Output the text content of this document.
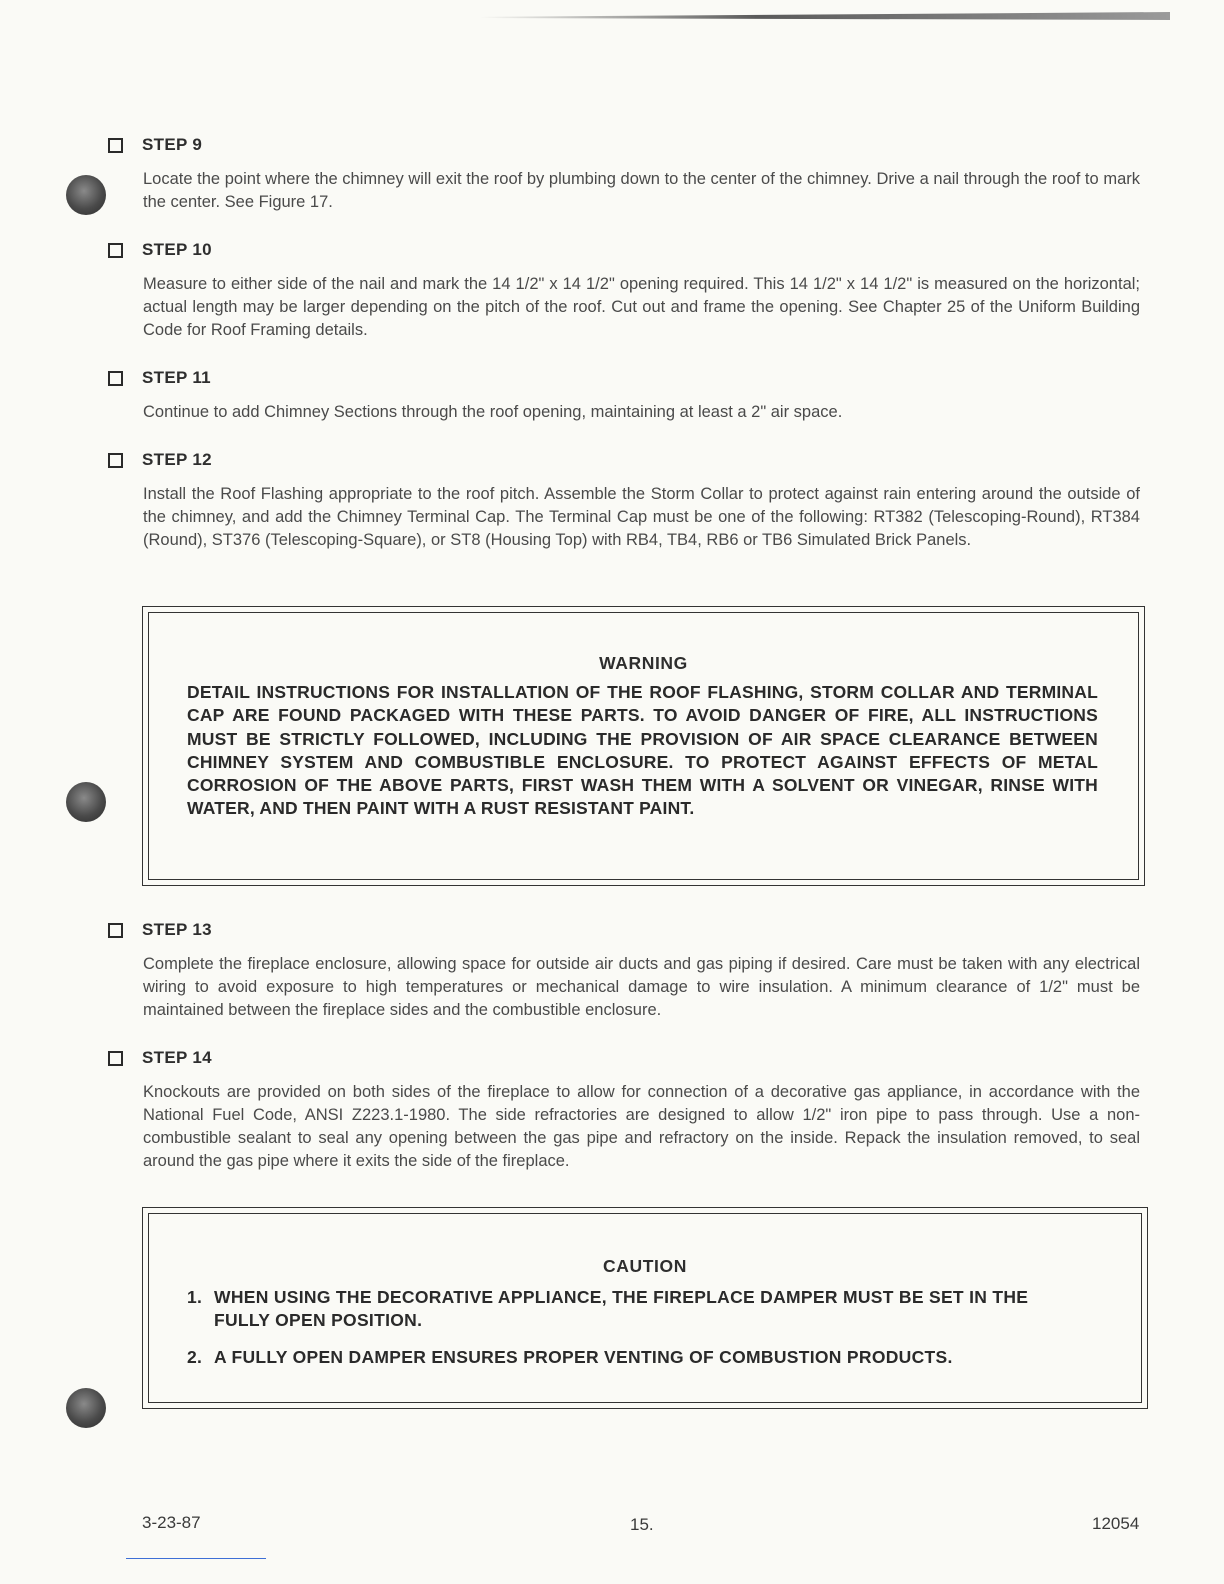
STEP 9
Locate the point where the chimney will exit the roof by plumbing down to the center of the chimney. Drive a nail through the roof to mark the center. See Figure 17.
STEP 10
Measure to either side of the nail and mark the 14 1/2" x 14 1/2" opening required. This 14 1/2" x 14 1/2" is measured on the horizontal; actual length may be larger depending on the pitch of the roof. Cut out and frame the opening. See Chapter 25 of the Uniform Building Code for Roof Framing details.
STEP 11
Continue to add Chimney Sections through the roof opening, maintaining at least a 2" air space.
STEP 12
Install the Roof Flashing appropriate to the roof pitch. Assemble the Storm Collar to protect against rain entering around the outside of the chimney, and add the Chimney Terminal Cap. The Terminal Cap must be one of the following: RT382 (Telescoping-Round), RT384 (Round), ST376 (Telescoping-Square), or ST8 (Housing Top) with RB4, TB4, RB6 or TB6 Simulated Brick Panels.
WARNING
DETAIL INSTRUCTIONS FOR INSTALLATION OF THE ROOF FLASHING, STORM COLLAR AND TERMINAL CAP ARE FOUND PACKAGED WITH THESE PARTS. TO AVOID DANGER OF FIRE, ALL INSTRUCTIONS MUST BE STRICTLY FOLLOWED, INCLUDING THE PROVISION OF AIR SPACE CLEARANCE BETWEEN CHIMNEY SYSTEM AND COMBUSTIBLE ENCLOSURE. TO PROTECT AGAINST EFFECTS OF METAL CORROSION OF THE ABOVE PARTS, FIRST WASH THEM WITH A SOLVENT OR VINEGAR, RINSE WITH WATER, AND THEN PAINT WITH A RUST RESISTANT PAINT.
STEP 13
Complete the fireplace enclosure, allowing space for outside air ducts and gas piping if desired. Care must be taken with any electrical wiring to avoid exposure to high temperatures or mechanical damage to wire insulation. A minimum clearance of 1/2" must be maintained between the fireplace sides and the combustible enclosure.
STEP 14
Knockouts are provided on both sides of the fireplace to allow for connection of a decorative gas appliance, in accordance with the National Fuel Code, ANSI Z223.1-1980. The side refractories are designed to allow 1/2" iron pipe to pass through. Use a non-combustible sealant to seal any opening between the gas pipe and refractory on the inside. Repack the insulation removed, to seal around the gas pipe where it exits the side of the fireplace.
CAUTION
1. WHEN USING THE DECORATIVE APPLIANCE, THE FIREPLACE DAMPER MUST BE SET IN THE FULLY OPEN POSITION.
2. A FULLY OPEN DAMPER ENSURES PROPER VENTING OF COMBUSTION PRODUCTS.
3-23-87	15.	12054
